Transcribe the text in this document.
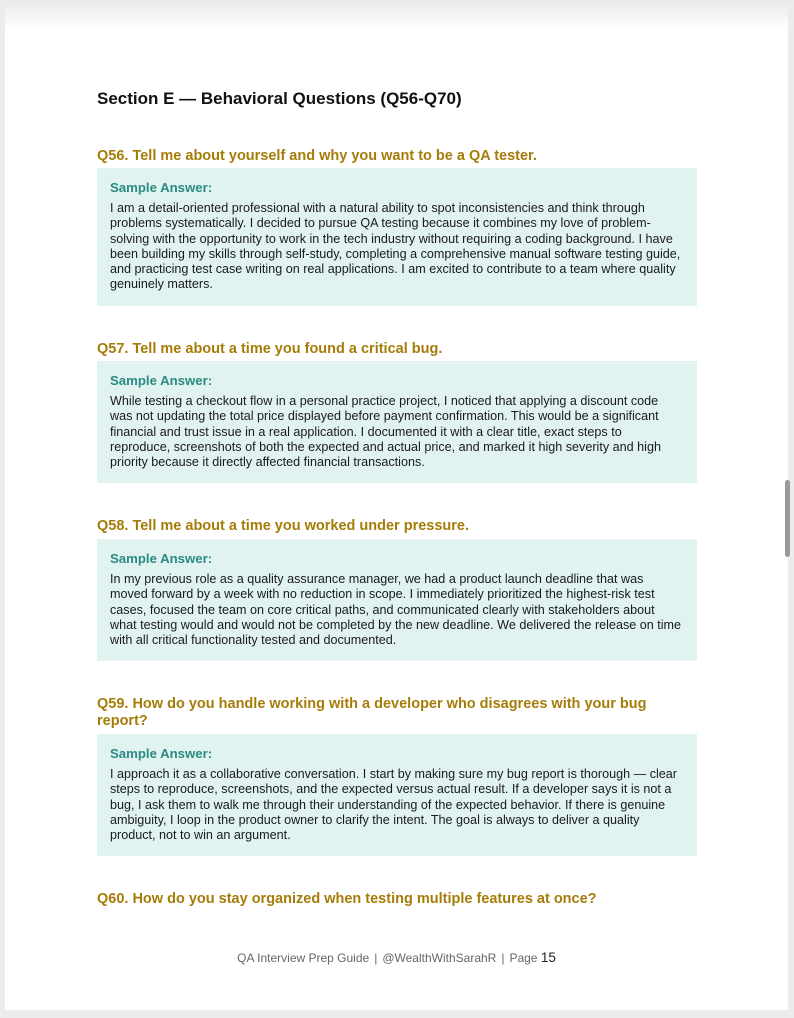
Section E — Behavioral Questions (Q56-Q70)
Q56. Tell me about yourself and why you want to be a QA tester.
Sample Answer:
I am a detail-oriented professional with a natural ability to spot inconsistencies and think through problems systematically. I decided to pursue QA testing because it combines my love of problem-solving with the opportunity to work in the tech industry without requiring a coding background. I have been building my skills through self-study, completing a comprehensive manual software testing guide, and practicing test case writing on real applications. I am excited to contribute to a team where quality genuinely matters.
Q57. Tell me about a time you found a critical bug.
Sample Answer:
While testing a checkout flow in a personal practice project, I noticed that applying a discount code was not updating the total price displayed before payment confirmation. This would be a significant financial and trust issue in a real application. I documented it with a clear title, exact steps to reproduce, screenshots of both the expected and actual price, and marked it high severity and high priority because it directly affected financial transactions.
Q58. Tell me about a time you worked under pressure.
Sample Answer:
In my previous role as a quality assurance manager, we had a product launch deadline that was moved forward by a week with no reduction in scope. I immediately prioritized the highest-risk test cases, focused the team on core critical paths, and communicated clearly with stakeholders about what testing would and would not be completed by the new deadline. We delivered the release on time with all critical functionality tested and documented.
Q59. How do you handle working with a developer who disagrees with your bug report?
Sample Answer:
I approach it as a collaborative conversation. I start by making sure my bug report is thorough — clear steps to reproduce, screenshots, and the expected versus actual result. If a developer says it is not a bug, I ask them to walk me through their understanding of the expected behavior. If there is genuine ambiguity, I loop in the product owner to clarify the intent. The goal is always to deliver a quality product, not to win an argument.
Q60. How do you stay organized when testing multiple features at once?
QA Interview Prep Guide | @WealthWithSarahR | Page 15
